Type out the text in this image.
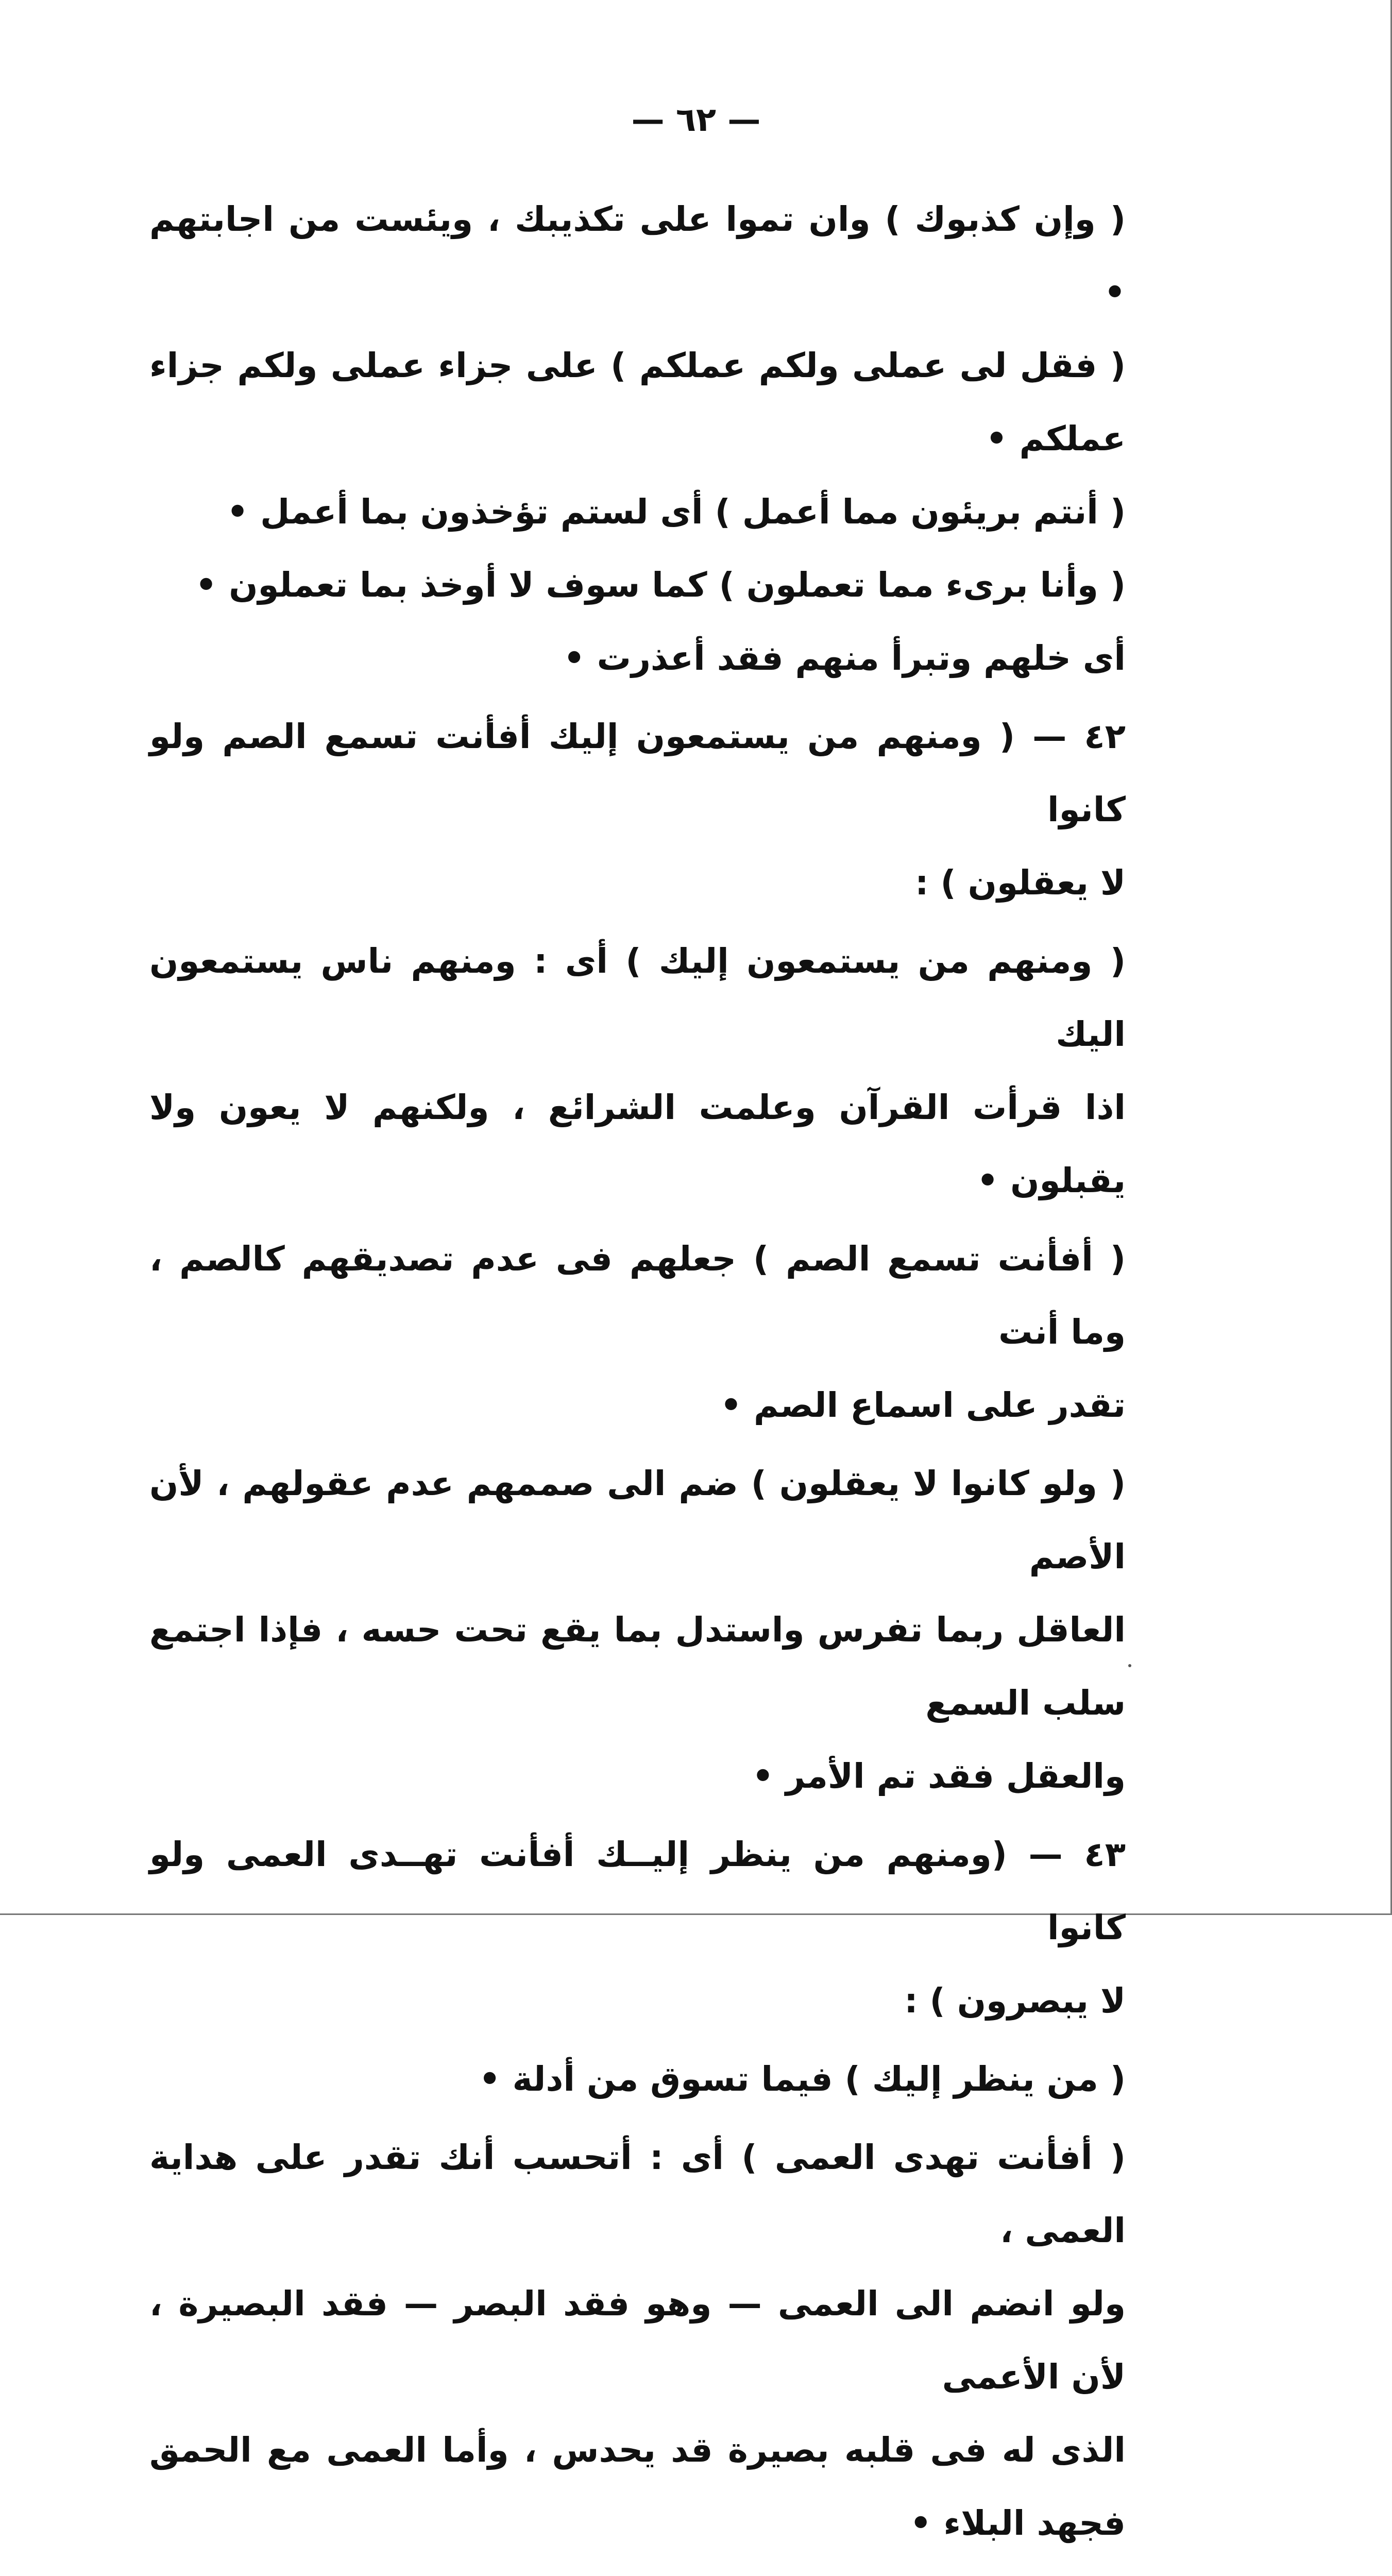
— ٦٢ —

( وإن كذبوك ) وان تموا على تكذيبك ، ويئست من اجابتهم •

( فقل لى عملى ولكم عملكم ) على جزاء عملى ولكم جزاء عملكم •

( أنتم بريئون مما أعمل ) أى لستم تؤخذون بما أعمل •

( وأنا برىء مما تعملون ) كما سوف لا أوخذ بما تعملون •

أى خلهم وتبرأ منهم فقد أعذرت •

٤٢ — ( ومنهم من يستمعون إليك أفأنت تسمع الصم ولو كانوا

لا يعقلون ) :

( ومنهم من يستمعون إليك ) أى : ومنهم ناس يستمعون اليك

اذا قرأت القرآن وعلمت الشرائع ، ولكنهم لا يعون ولا يقبلون •

( أفأنت تسمع الصم ) جعلهم فى عدم تصديقهم كالصم ، وما أنت

تقدر على اسماع الصم •

( ولو كانوا لا يعقلون ) ضم الى صممهم عدم عقولهم ، لأن الأصم

العاقل ربما تفرس واستدل بما يقع تحت حسه ، فإذا اجتمع سلب السمع

والعقل فقد تم الأمر •

٤٣ — (ومنهم من ينظر إليــك أفأنت تهــدى العمى ولو كانوا

لا يبصرون ) :

( من ينظر إليك ) فيما تسوق من أدلة •

( أفأنت تهدى العمى ) أى : أتحسب أنك تقدر على هداية العمى ،

ولو انضم الى العمى — وهو فقد البصر — فقد البصيرة ، لأن الأعمى

الذى له فى قلبه بصيرة قد يحدس ، وأما العمى مع الحمق فجهد البلاء •
